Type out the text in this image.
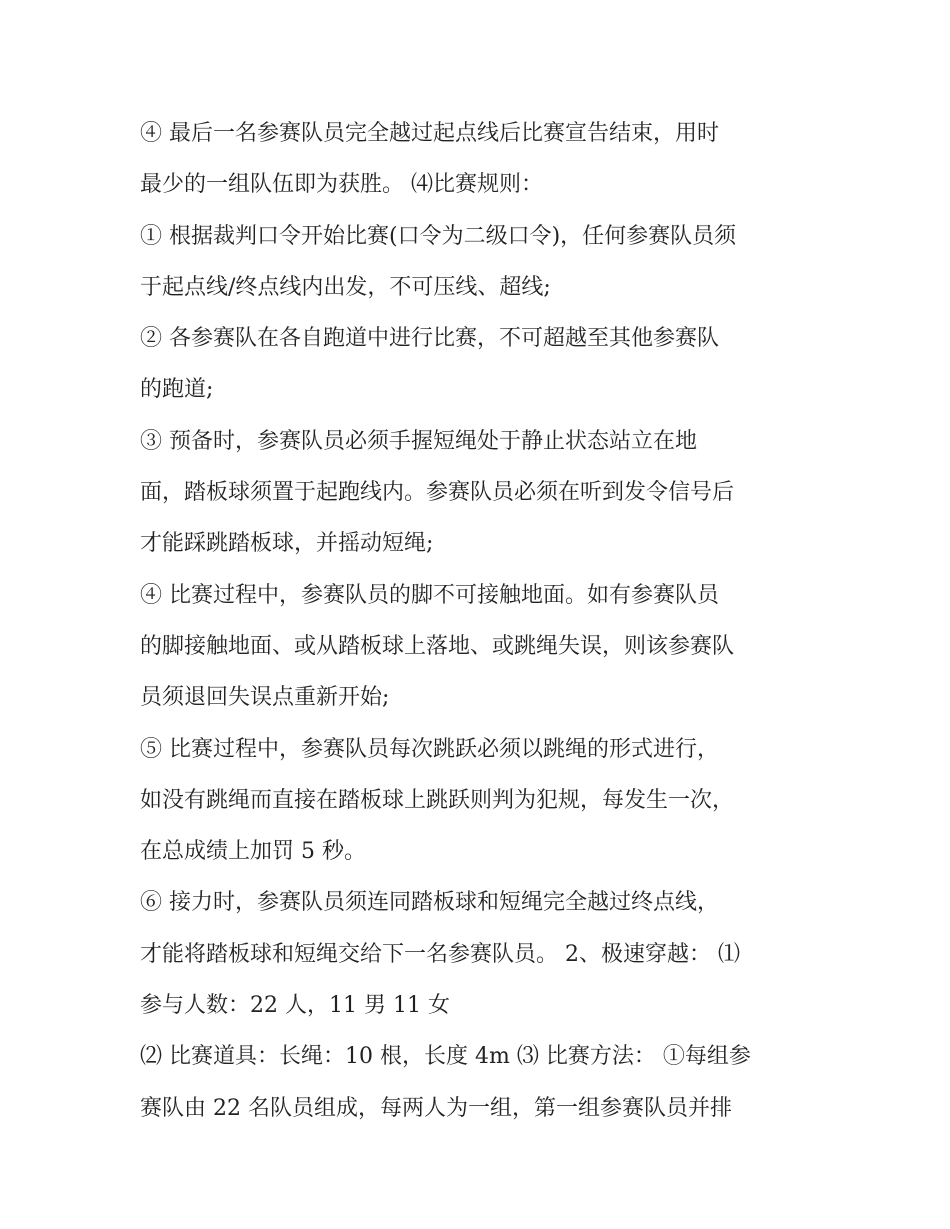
④ 最后一名参赛队员完全越过起点线后比赛宣告结束，用时
最少的一组队伍即为获胜。 ⑷比赛规则：
① 根据裁判口令开始比赛(口令为二级口令)，任何参赛队员须
于起点线/终点线内出发，不可压线、超线;
② 各参赛队在各自跑道中进行比赛，不可超越至其他参赛队
的跑道;
③ 预备时，参赛队员必须手握短绳处于静止状态站立在地
面，踏板球须置于起跑线内。参赛队员必须在听到发令信号后
才能踩跳踏板球，并摇动短绳;
④ 比赛过程中，参赛队员的脚不可接触地面。如有参赛队员
的脚接触地面、或从踏板球上落地、或跳绳失误，则该参赛队
员须退回失误点重新开始;
⑤ 比赛过程中，参赛队员每次跳跃必须以跳绳的形式进行，
如没有跳绳而直接在踏板球上跳跃则判为犯规，每发生一次，
在总成绩上加罚 5 秒。
⑥ 接力时，参赛队员须连同踏板球和短绳完全越过终点线，
才能将踏板球和短绳交给下一名参赛队员。 2、极速穿越： ⑴
参与人数：22 人，11 男 11 女
⑵ 比赛道具：长绳：10 根，长度 4m ⑶ 比赛方法： ①每组参
赛队由 22 名队员组成，每两人为一组，第一组参赛队员并排
